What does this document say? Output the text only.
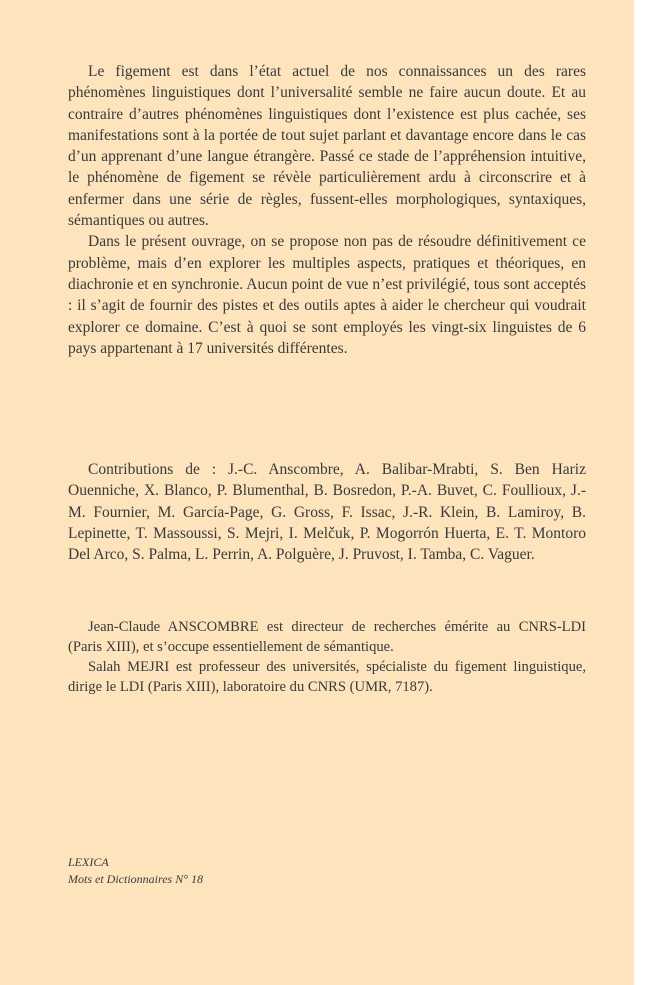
Le figement est dans l’état actuel de nos connaissances un des rares phénomènes linguistiques dont l’universalité semble ne faire aucun doute. Et au contraire d’autres phénomènes linguistiques dont l’existence est plus cachée, ses manifestations sont à la portée de tout sujet parlant et davantage encore dans le cas d’un apprenant d’une langue étrangère. Passé ce stade de l’appréhension intuitive, le phénomène de figement se révèle particulièrement ardu à circonscrire et à enfermer dans une série de règles, fussent-elles morphologiques, syntaxiques, sémantiques ou autres.

Dans le présent ouvrage, on se propose non pas de résoudre définitivement ce problème, mais d’en explorer les multiples aspects, pratiques et théoriques, en diachronie et en synchronie. Aucun point de vue n’est privilégié, tous sont acceptés : il s’agit de fournir des pistes et des outils aptes à aider le chercheur qui voudrait explorer ce domaine. C’est à quoi se sont employés les vingt-six linguistes de 6 pays appartenant à 17 universités différentes.

Contributions de : J.-C. Anscombre, A. Balibar-Mrabti, S. Ben Hariz Ouenniche, X. Blanco, P. Blumenthal, B. Bosredon, P.-A. Buvet, C. Foullioux, J.-M. Fournier, M. García-Page, G. Gross, F. Issac, J.-R. Klein, B. Lamiroy, B. Lepinette, T. Massoussi, S. Mejri, I. Melčuk, P. Mogorrón Huerta, E. T. Montoro Del Arco, S. Palma, L. Perrin, A. Polguère, J. Pruvost, I. Tamba, C. Vaguer.

Jean-Claude ANSCOMBRE est directeur de recherches émérite au CNRS-LDI (Paris XIII), et s’occupe essentiellement de sémantique.

Salah MEJRI est professeur des universités, spécialiste du figement linguistique, dirige le LDI (Paris XIII), laboratoire du CNRS (UMR, 7187).

LEXICA
Mots et Dictionnaires N° 18
